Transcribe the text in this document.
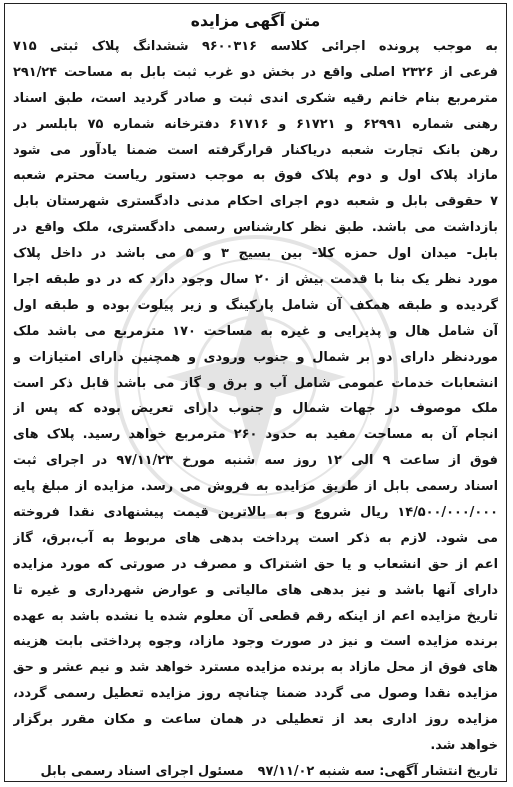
متن آگهی مزایده
به موجب پرونده اجرائی کلاسه ۹۶۰۰۳۱۶ ششدانگ پلاک ثبتی ۷۱۵
فرعی از ۲۳۲۶ اصلی واقع در بخش دو غرب ثبت بابل به مساحت ۲۹۱/۲۴
مترمربع بنام خانم رقیه شکری اندی ثبت و صادر گردید است، طبق اسناد
رهنی شماره ۶۲۹۹۱ و ۶۱۷۲۱ و ۶۱۷۱۶ دفترخانه شماره ۷۵ بابلسر در
رهن بانک تجارت شعبه دریاکنار قرارگرفته است ضمنا یادآور می شود
مازاد پلاک اول و دوم پلاک فوق به موجب دستور ریاست محترم شعبه
۷ حقوقی بابل و شعبه دوم اجرای احکام مدنی دادگستری شهرستان بابل
بازداشت می باشد. طبق نظر کارشناس رسمی دادگستری، ملک واقع در
بابل- میدان اول حمزه کلا- بین بسیج ۳ و ۵ می باشد در داخل پلاک
مورد نظر یک بنا با قدمت بیش از ۲۰ سال وجود دارد که در دو طبقه اجرا
گردیده و طبقه همکف آن شامل پارکینگ و زیر پیلوت بوده و طبقه اول
آن شامل هال و پذیرایی و غیره به مساحت ۱۷۰ مترمربع می باشد ملک
موردنظر دارای دو بر شمال و جنوب ورودی و همچنین دارای امتیازات و
انشعابات خدمات عمومی شامل آب و برق و گاز می باشد قابل ذکر است
ملک موصوف در جهات شمال و جنوب دارای تعریض بوده که پس از
انجام آن به مساحت مفید به حدود ۲۶۰ مترمربع خواهد رسید. پلاک های
فوق از ساعت ۹ الی ۱۲ روز سه شنبه مورخ ۹۷/۱۱/۲۳ در اجرای ثبت
اسناد رسمی بابل از طریق مزایده به فروش می رسد. مزایده از مبلغ پایه
۱۴/۵۰۰/۰۰۰/۰۰۰ ریال شروع و به بالاترین قیمت پیشنهادی نقدا فروخته
می شود. لازم به ذکر است پرداخت بدهی های مربوط به آب،برق، گاز
اعم از حق انشعاب و یا حق اشتراک و مصرف در صورتی که مورد مزایده
دارای آنها باشد و نیز بدهی های مالیاتی و عوارض شهرداری و غیره تا
تاریخ مزایده اعم از اینکه رقم قطعی آن معلوم شده یا نشده باشد به عهده
برنده مزایده است و نیز در صورت وجود مازاد، وجوه پرداختی بابت هزینه
های فوق از محل مازاد به برنده مزایده مسترد خواهد شد و نیم عشر و حق
مزایده نقدا وصول می گردد ضمنا چنانچه روز مزایده تعطیل رسمی گردد،
مزایده روز اداری بعد از تعطیلی در همان ساعت و مکان مقرر برگزار
خواهد شد.
تاریخ انتشار آگهی: سه شنبه ۹۷/۱۱/۰۲مسئول اجرای اسناد رسمی بابل
